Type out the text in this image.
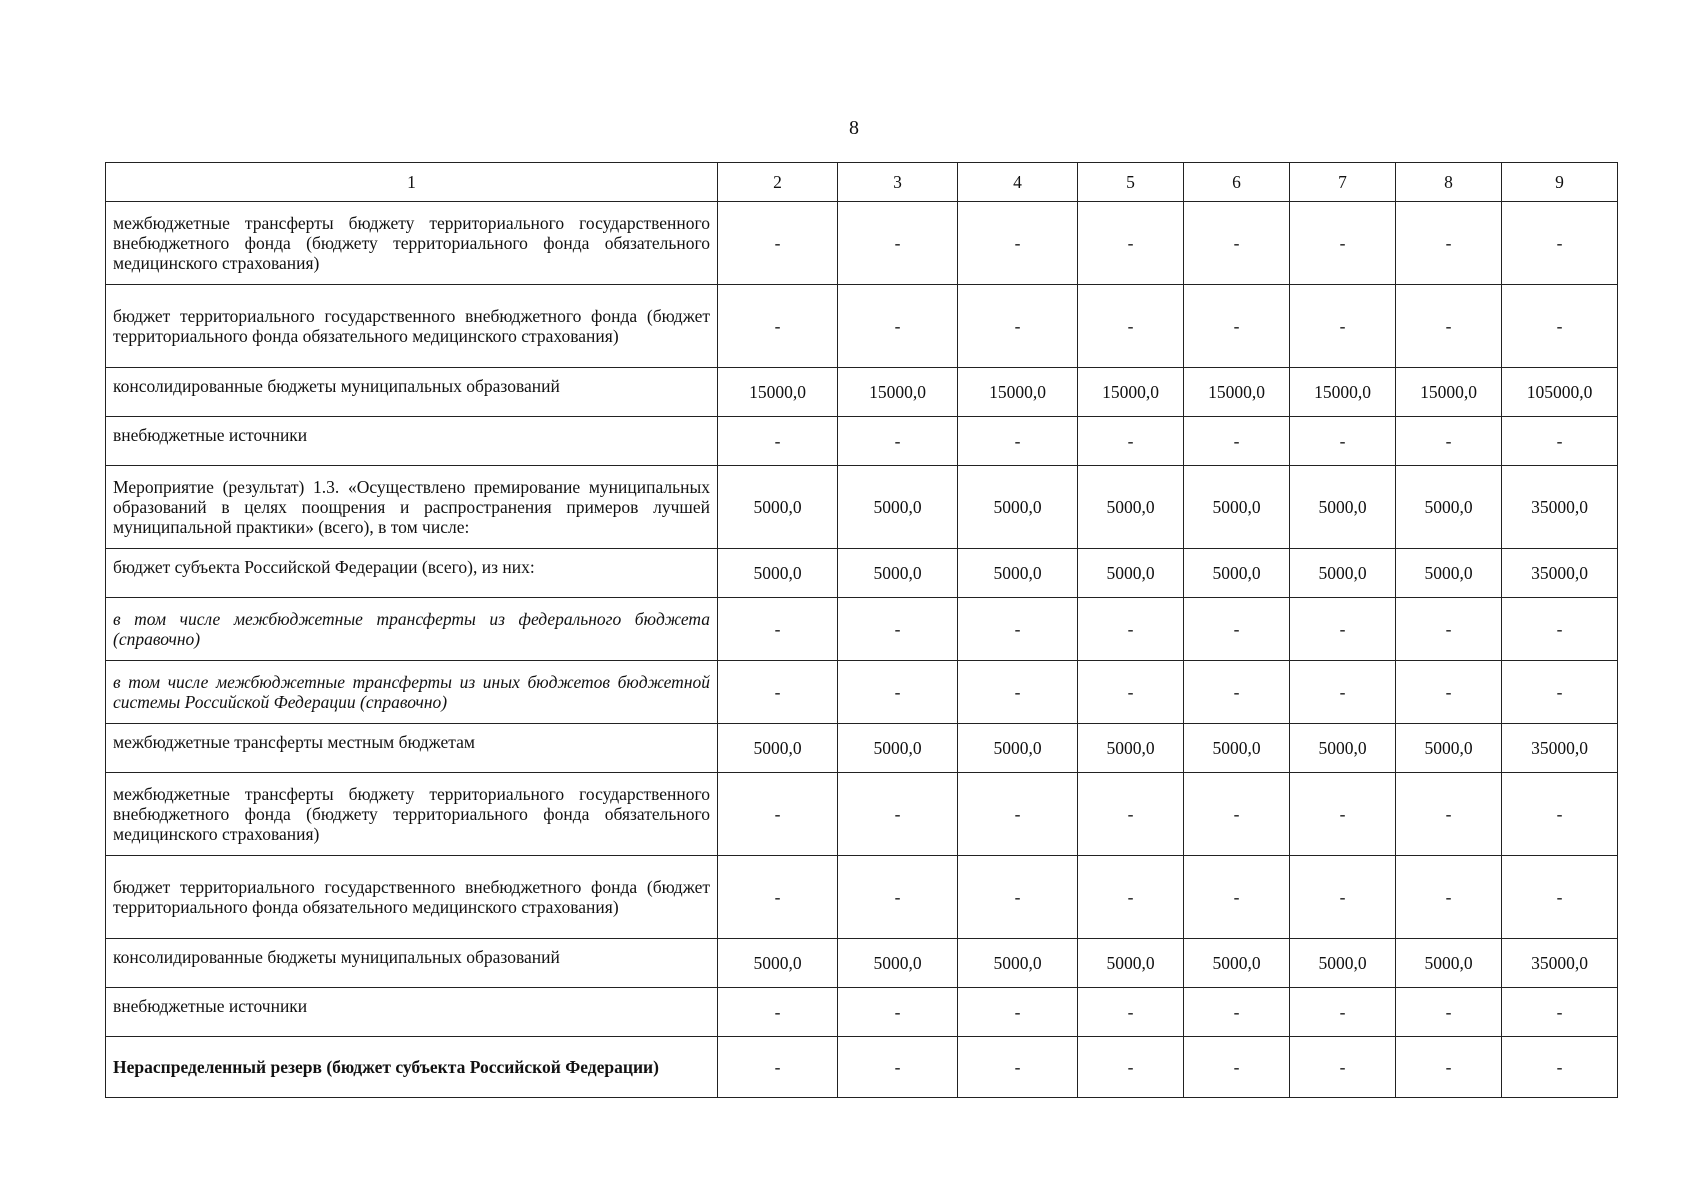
8
1	2	3	4	5	6	7	8	9
межбюджетные трансферты бюджету территориального государственного внебюджетного фонда (бюджету территориального фонда обязательного медицинского страхования)	-	-	-	-	-	-	-	-
бюджет территориального государственного внебюджетного фонда (бюджет территориального фонда обязательного медицинского страхования)	-	-	-	-	-	-	-	-
консолидированные бюджеты муниципальных образований	15000,0	15000,0	15000,0	15000,0	15000,0	15000,0	15000,0	105000,0
внебюджетные источники	-	-	-	-	-	-	-	-
Мероприятие (результат) 1.3. «Осуществлено премирование муниципальных образований в целях поощрения и распространения примеров лучшей муниципальной практики» (всего), в том числе:	5000,0	5000,0	5000,0	5000,0	5000,0	5000,0	5000,0	35000,0
бюджет субъекта Российской Федерации (всего), из них:	5000,0	5000,0	5000,0	5000,0	5000,0	5000,0	5000,0	35000,0
в том числе межбюджетные трансферты из федерального бюджета (справочно)	-	-	-	-	-	-	-	-
в том числе межбюджетные трансферты из иных бюджетов бюджетной системы Российской Федерации (справочно)	-	-	-	-	-	-	-	-
межбюджетные трансферты местным бюджетам	5000,0	5000,0	5000,0	5000,0	5000,0	5000,0	5000,0	35000,0
межбюджетные трансферты бюджету территориального государственного внебюджетного фонда (бюджету территориального фонда обязательного медицинского страхования)	-	-	-	-	-	-	-	-
бюджет территориального государственного внебюджетного фонда (бюджет территориального фонда обязательного медицинского страхования)	-	-	-	-	-	-	-	-
консолидированные бюджеты муниципальных образований	5000,0	5000,0	5000,0	5000,0	5000,0	5000,0	5000,0	35000,0
внебюджетные источники	-	-	-	-	-	-	-	-
Нераспределенный резерв (бюджет субъекта Российской Федерации)	-	-	-	-	-	-	-	-
